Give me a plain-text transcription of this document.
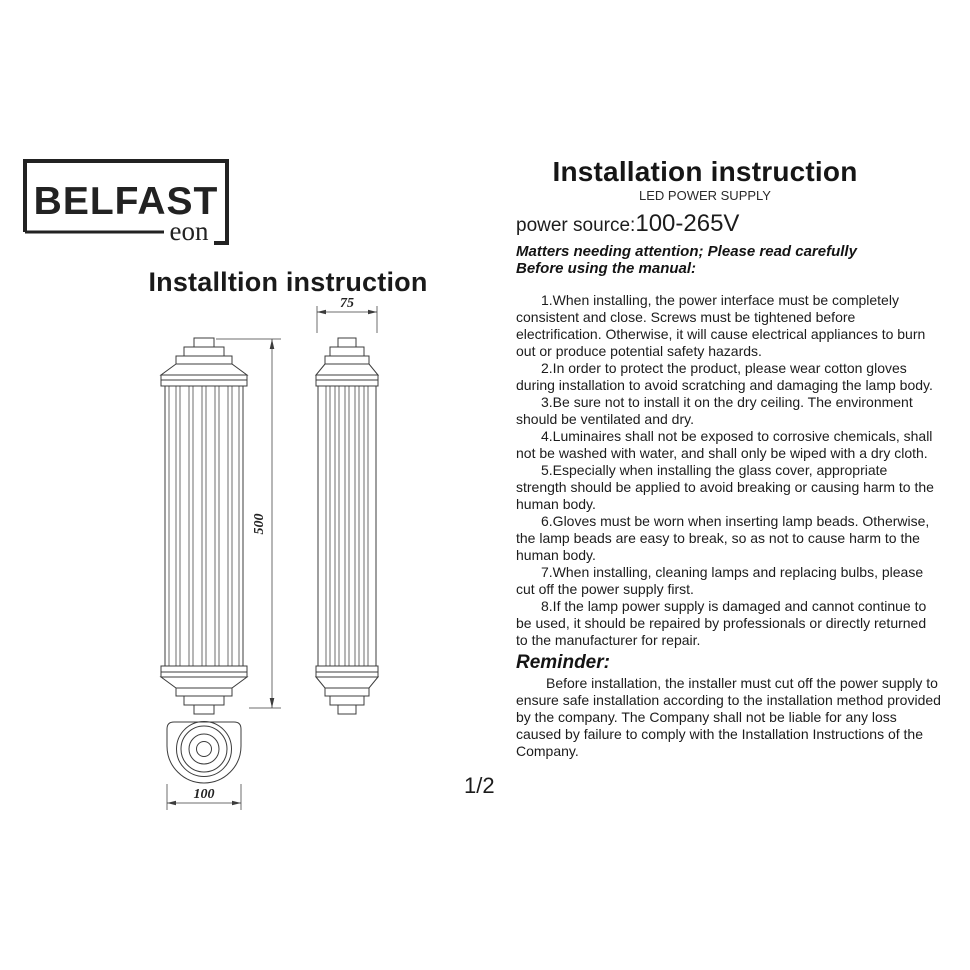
BELFAST
eon
Installtion instruction
75
500
100
Installation instruction
LED POWER SUPPLY
power source:100-265V
Matters needing attention; Please read carefully
Before using the manual:

1.When installing, the power interface must be completely consistent and close. Screws must be tightened before electrification. Otherwise, it will cause electrical appliances to burn out or produce potential safety hazards.

2.In order to protect the product, please wear cotton gloves during installation to avoid scratching and damaging the lamp body.

3.Be sure not to install it on the dry ceiling. The environment should be ventilated and dry.

4.Luminaires shall not be exposed to corrosive chemicals, shall not be washed with water, and shall only be wiped with a dry cloth.

5.Especially when installing the glass cover, appropriate strength should be applied to avoid breaking or causing harm to the human body.

6.Gloves must be worn when inserting lamp beads. Otherwise, the lamp beads are easy to break, so as not to cause harm to the human body.

7.When installing, cleaning lamps and replacing bulbs, please cut off the power supply first.

8.If the lamp power supply is damaged and cannot continue to be used, it should be repaired by professionals or directly returned to the manufacturer for repair.

Reminder:

Before installation, the installer must cut off the power supply to ensure safe installation according to the installation method provided by the company. The Company shall not be liable for any loss caused by failure to comply with the Installation Instructions of the Company.

1/2
